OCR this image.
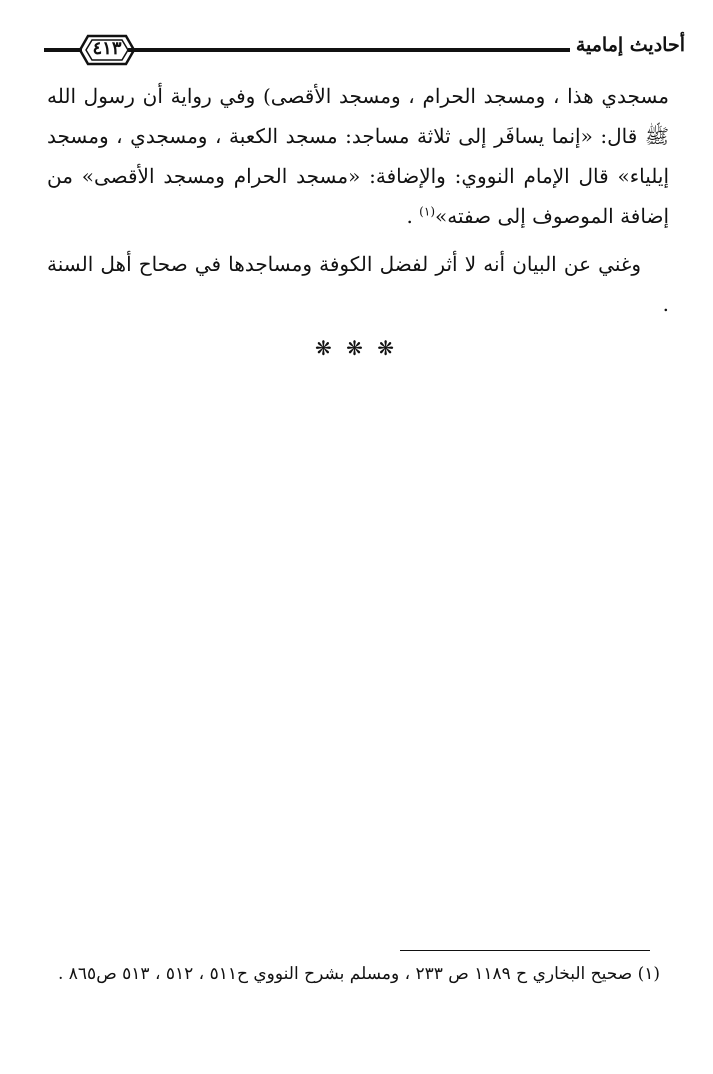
أحاديث إمامية
٤١٣

مسجدي هذا ، ومسجد الحرام ، ومسجد الأقصى) وفي رواية أن رسول الله ﷺ قال: «إنما يسافَر إلى ثلاثة مساجد: مسجد الكعبة ، ومسجدي ، ومسجد إيلياء» قال الإمام النووي: والإضافة: «مسجد الحرام ومسجد الأقصى» من إضافة الموصوف إلى صفته»$^{(١)}$ .

وغني عن البيان أنه لا أثر لفضل الكوفة ومساجدها في صحاح أهل السنة .

❋ ❋ ❋
(١) صحيح البخاري ح ١١٨٩ ص ٢٣٣ ، ومسلم بشرح النووي ح٥١١ ، ٥١٢ ، ٥١٣ ص٨٦٥ .
